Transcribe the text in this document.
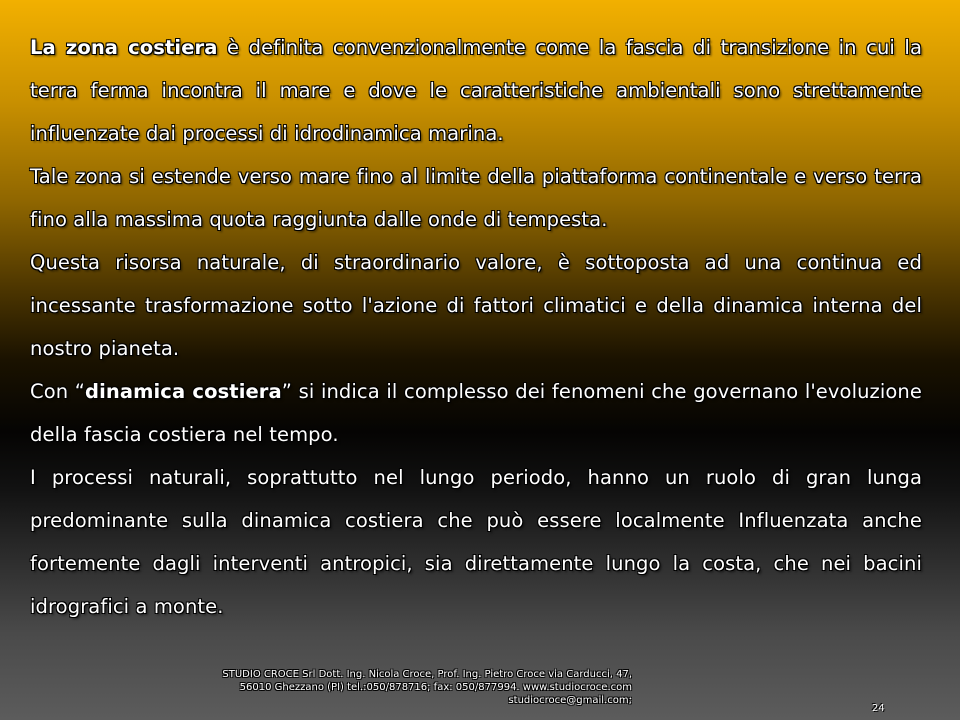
La zona costiera è definita convenzionalmente come la fascia di transizione in cui la terra ferma incontra il mare e dove le caratteristiche ambientali sono strettamente influenzate dai processi di idrodinamica marina.

Tale zona si estende verso mare fino al limite della piattaforma continentale e verso terra fino alla massima quota raggiunta dalle onde di tempesta.

Questa risorsa naturale, di straordinario valore, è sottoposta ad una continua ed incessante trasformazione sotto l'azione di fattori climatici e della dinamica interna del nostro pianeta.

Con “dinamica costiera” si indica il complesso dei fenomeni che governano l'evoluzione della fascia costiera nel tempo.

I processi naturali, soprattutto nel lungo periodo, hanno un ruolo di gran lunga predominante sulla dinamica costiera che può essere localmente Influenzata anche fortemente dagli interventi antropici, sia direttamente lungo la costa, che nei bacini idrografici a monte.

STUDIO CROCE Srl Dott. Ing. Nicola Croce, Prof. Ing. Pietro Croce via Carducci, 47,
56010 Ghezzano (PI) tel.:050/878716; fax: 050/877994. www.studiocroce.com
studiocroce@gmail.com;
24
